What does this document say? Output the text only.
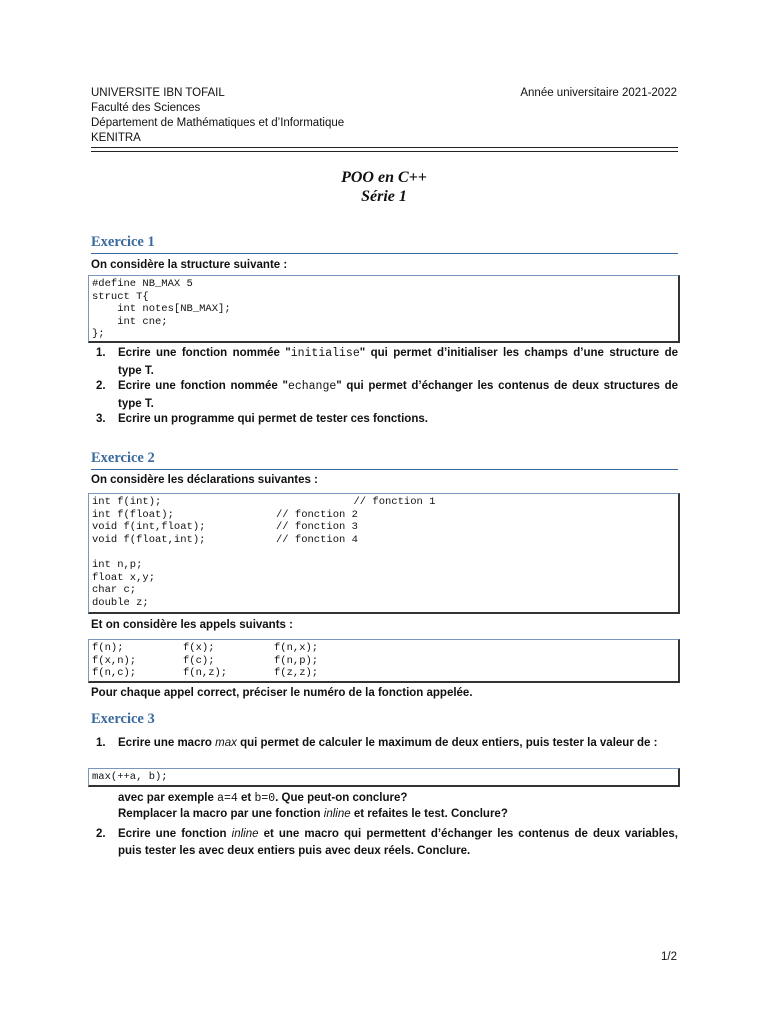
UNIVERSITE IBN TOFAIL
Faculté des Sciences
Département de Mathématiques et d’Informatique
KENITRA
Année universitaire 2021-2022
POO en C++
Série 1
Exercice 1
On considère la structure suivante :
#define NB_MAX 5
struct T{
int notes[NB_MAX];
int cne;
};
1. Ecrire une fonction nommée "initialise" qui permet d’initialiser les champs d’une structure de type T.
2. Ecrire une fonction nommée "echange" qui permet d’échanger les contenus de deux structures de type T.
3. Ecrire un programme qui permet de tester ces fonctions.
Exercice 2
On considère les déclarations suivantes :
int f(int);	// fonction 1
int f(float);	// fonction 2
void f(int,float);	// fonction 3
void f(float,int);	// fonction 4
int n,p;
float x,y;
char c;
double z;
Et on considère les appels suivants :
f(n);	f(x);	f(n,x);
f(x,n);	f(c);	f(n,p);
f(n,c);	f(n,z);	f(z,z);
Pour chaque appel correct, préciser le numéro de la fonction appelée.
Exercice 3
1. Ecrire une macro max qui permet de calculer le maximum de deux entiers, puis tester la valeur de :
max(++a, b);
avec par exemple a=4 et b=0. Que peut-on conclure?
Remplacer la macro par une fonction inline et refaites le test. Conclure?
2. Ecrire une fonction inline et une macro qui permettent d’échanger les contenus de deux variables, puis tester les avec deux entiers puis avec deux réels. Conclure.
1/2
